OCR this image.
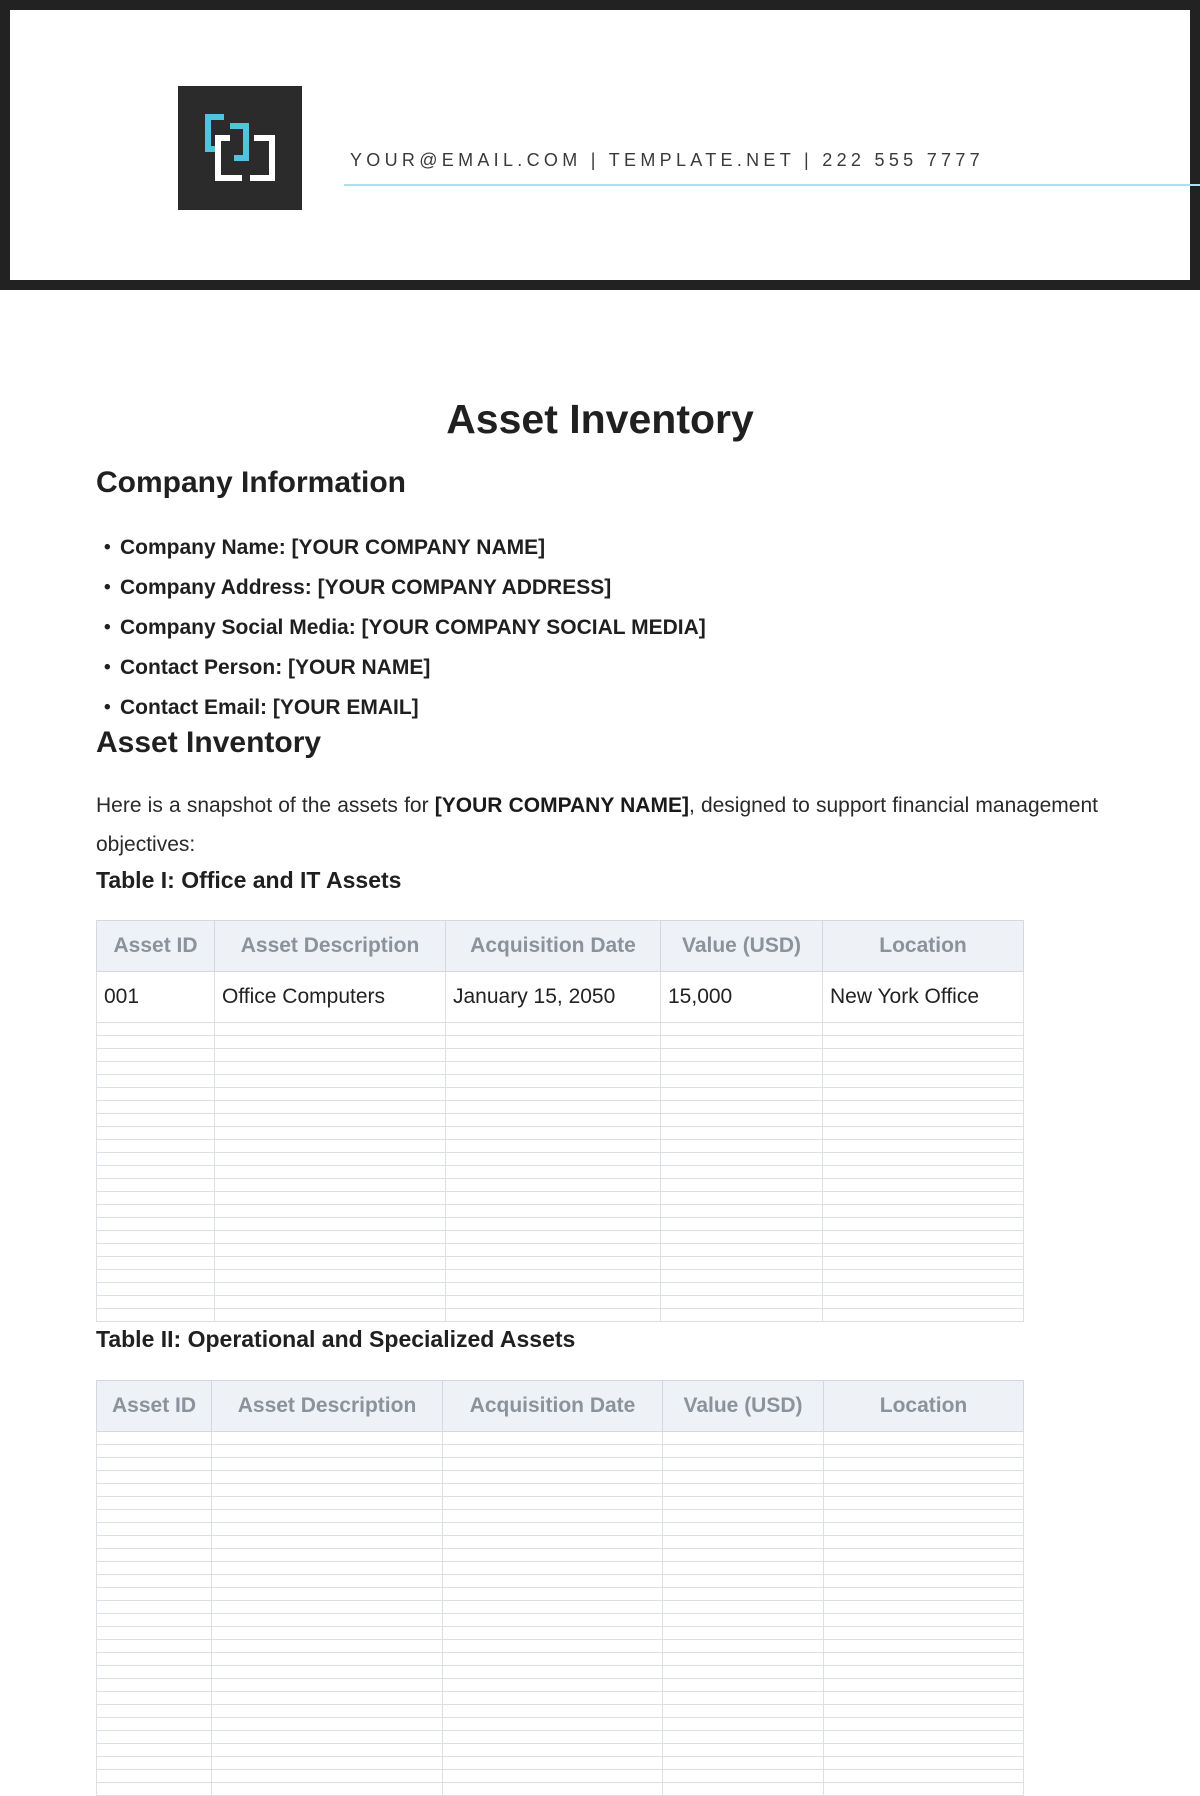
YOUR@EMAIL.COM | TEMPLATE.NET | 222 555 7777
Asset Inventory
Company Information
• Company Name: [YOUR COMPANY NAME]
• Company Address: [YOUR COMPANY ADDRESS]
• Company Social Media: [YOUR COMPANY SOCIAL MEDIA]
• Contact Person: [YOUR NAME]
• Contact Email: [YOUR EMAIL]
Asset Inventory

Here is a snapshot of the assets for [YOUR COMPANY NAME], designed to support financial management objectives:

Table I: Office and IT Assets
Asset ID	Asset Description	Acquisition Date	Value (USD)	Location
001	Office Computers	January 15, 2050	15,000	New York Office

Table II: Operational and Specialized Assets
Asset ID	Asset Description	Acquisition Date	Value (USD)	Location
